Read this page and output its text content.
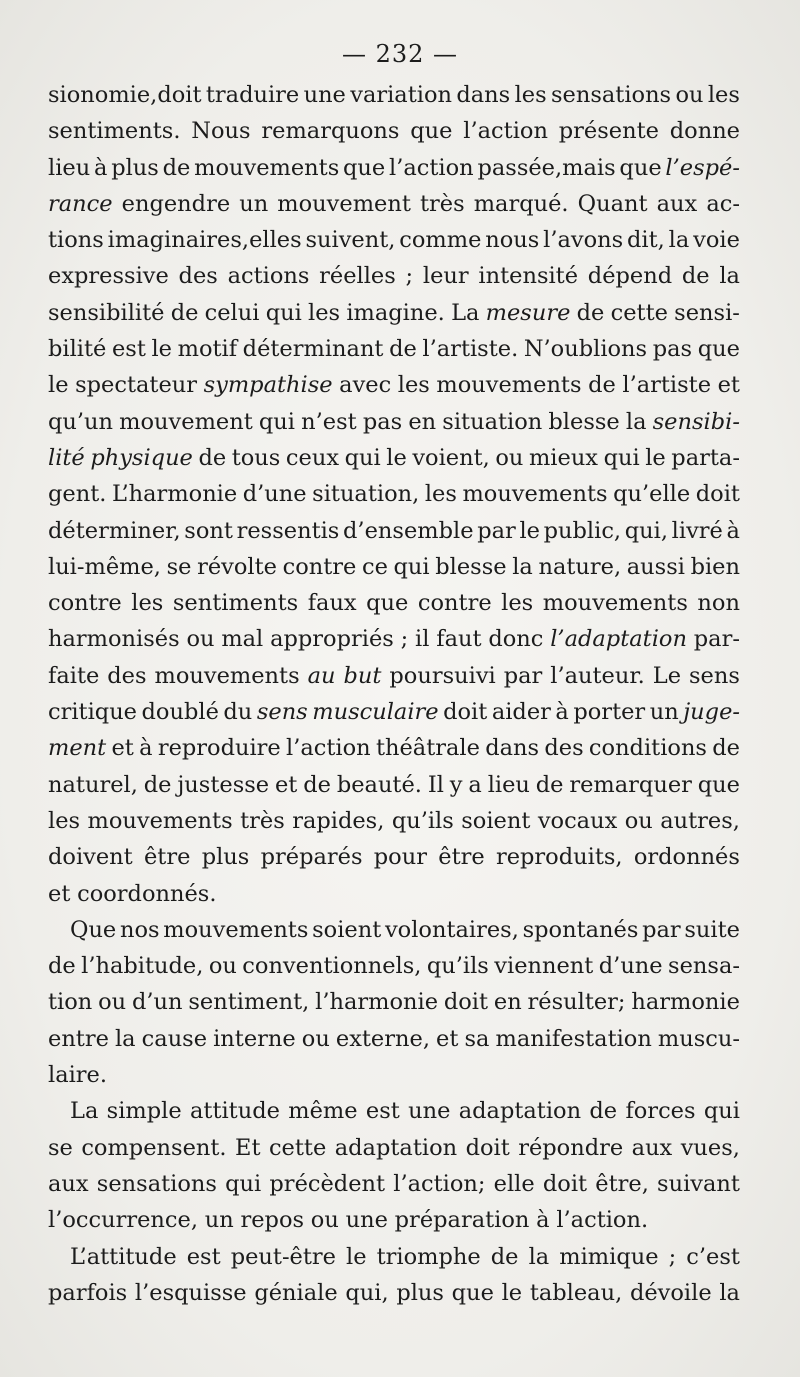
— 232 —
sionomie,doit traduire une variation dans les sensations ou les
sentiments. Nous remarquons que l’action présente donne
lieu à plus de mouvements que l’action passée,mais que l’espé-
rance engendre un mouvement très marqué. Quant aux ac-
tions imaginaires,elles suivent, comme nous l’avons dit, la voie
expressive des actions réelles ; leur intensité dépend de la
sensibilité de celui qui les imagine. La mesure de cette sensi-
bilité est le motif déterminant de l’artiste. N’oublions pas que
le spectateur sympathise avec les mouvements de l’artiste et
qu’un mouvement qui n’est pas en situation blesse la sensibi-
lité physique de tous ceux qui le voient, ou mieux qui le parta-
gent. L’harmonie d’une situation, les mouvements qu’elle doit
déterminer, sont ressentis d’ensemble par le public, qui, livré à
lui-même, se révolte contre ce qui blesse la nature, aussi bien
contre les sentiments faux que contre les mouvements non
harmonisés ou mal appropriés ; il faut donc l’adaptation par-
faite des mouvements au but poursuivi par l’auteur. Le sens
critique doublé du sens musculaire doit aider à porter un juge-
ment et à reproduire l’action théâtrale dans des conditions de
naturel, de justesse et de beauté. Il y a lieu de remarquer que
les mouvements très rapides, qu’ils soient vocaux ou autres,
doivent être plus préparés pour être reproduits, ordonnés
et coordonnés.
Que nos mouvements soient volontaires, spontanés par suite
de l’habitude, ou conventionnels, qu’ils viennent d’une sensa-
tion ou d’un sentiment, l’harmonie doit en résulter; harmonie
entre la cause interne ou externe, et sa manifestation muscu-
laire.
La simple attitude même est une adaptation de forces qui
se compensent. Et cette adaptation doit répondre aux vues,
aux sensations qui précèdent l’action; elle doit être, suivant
l’occurrence, un repos ou une préparation à l’action.
L’attitude est peut-être le triomphe de la mimique ; c’est
parfois l’esquisse géniale qui, plus que le tableau, dévoile la
